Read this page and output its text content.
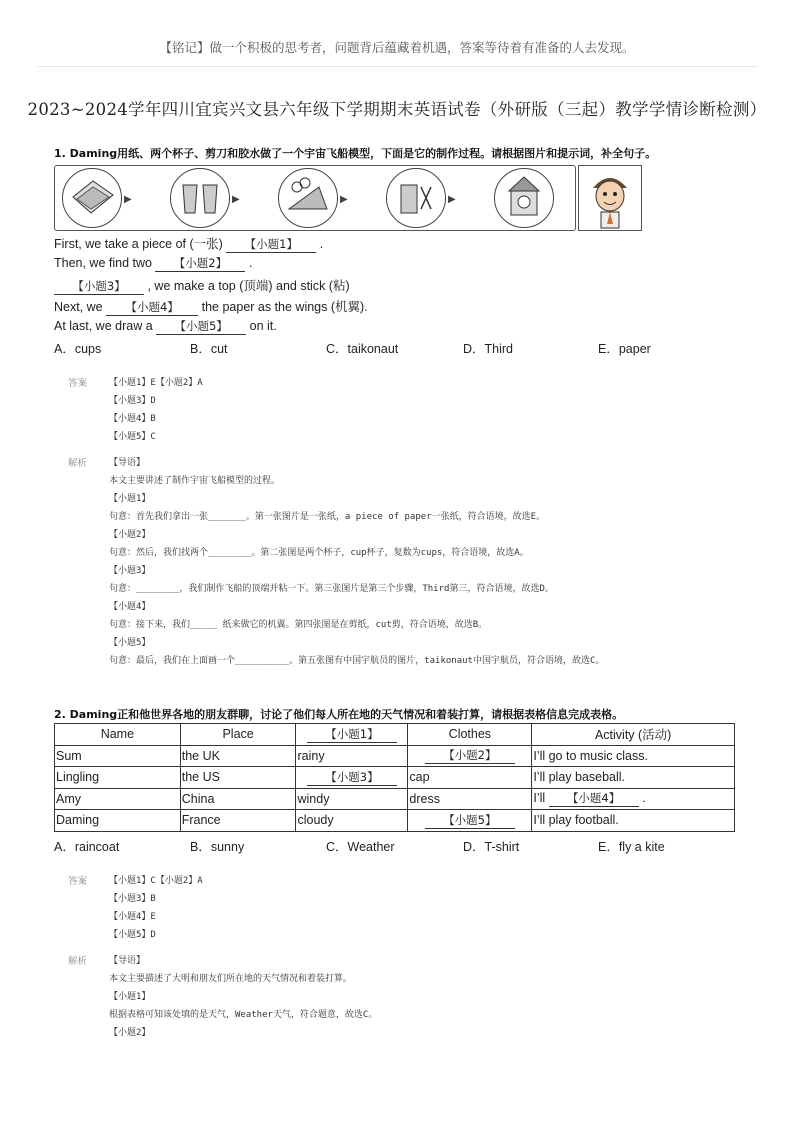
【铭记】做一个积极的思考者，问题背后蕴藏着机遇，答案等待着有准备的人去发现。
2023~2024学年四川宜宾兴文县六年级下学期期末英语试卷（外研版（三起）教学学情诊断检测）
1. Daming用纸、两个杯子、剪刀和胶水做了一个宇宙飞船模型，下面是它的制作过程。请根据图片和提示词，补全句子。
▶	▶	▶	▶
First, we take a piece of (一张) 【小题1】 .
Then, we find two 【小题2】 .
【小题3】 , we make a top (顶端) and stick (粘)
Next, we 【小题4】 the paper as the wings (机翼).
At last, we draw a 【小题5】 on it.
A．cups	B．cut	C．taikonaut	D．Third	E．paper
答案 【小题1】E【小题2】A
【小题3】D
【小题4】B
【小题5】C
解析 【导语】
本文主要讲述了制作宇宙飞船模型的过程。
【小题1】
句意：首先我们拿出一张_______。第一张图片是一张纸，a piece of paper一张纸，符合语境，故选E。
【小题2】
句意：然后，我们找两个________。第二张图是两个杯子，cup杯子，复数为cups，符合语境，故选A。
【小题3】
句意：________，我们制作飞船的顶端并粘一下。第三张图片是第三个步骤，Third第三，符合语境，故选D。
【小题4】
句意：接下来，我们_____ 纸来做它的机翼。第四张图是在剪纸，cut剪，符合语境，故选B。
【小题5】
句意：最后，我们在上面画一个__________。第五张图有中国宇航员的图片，taikonaut中国宇航员，符合语境，故选C。
2. Daming正和他世界各地的朋友群聊，讨论了他们每人所在地的天气情况和着装打算，请根据表格信息完成表格。
Name	Place	【小题1】	Clothes	Activity (活动)
Sum	the UK	rainy	【小题2】	I’ll go to music class.
Lingling	the US	【小题3】	cap	I’ll play baseball.
Amy	China	windy	dress	I’ll 【小题4】 .
Daming	France	cloudy	【小题5】	I’ll play football.
A．raincoat	B．sunny	C．Weather	D．T-shirt	E．fly a kite
答案 【小题1】C【小题2】A
【小题3】B
【小题4】E
【小题5】D
解析 【导语】
本文主要描述了大明和朋友们所在地的天气情况和着装打算。
【小题1】
根据表格可知该处填的是天气，Weather天气，符合题意，故选C。
【小题2】
